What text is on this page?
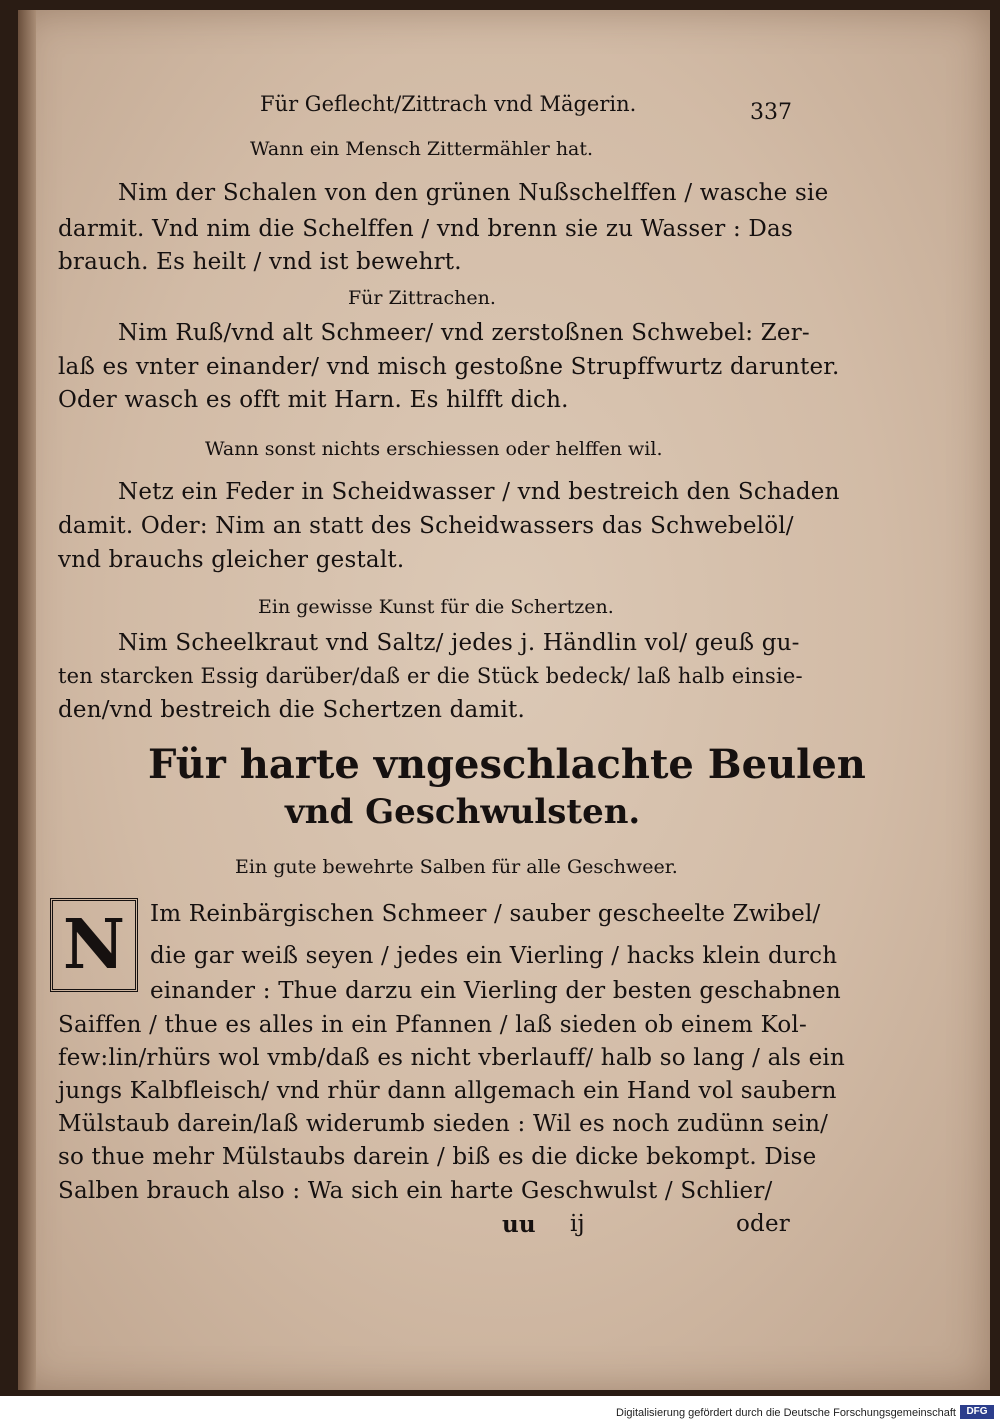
Für Geflecht/Zittrach vnd Mägerin.	337
Wann ein Mensch Zittermähler hat.
Nim der Schalen von den grünen Nußschelffen / wasche sie
darmit. Vnd nim die Schelffen / vnd brenn sie zu Wasser : Das
brauch. Es heilt / vnd ist bewehrt.
Für Zittrachen.
Nim Ruß/vnd alt Schmeer/ vnd zerstoßnen Schwebel: Zer-
laß es vnter einander/ vnd misch gestoßne Strupffwurtz darunter.
Oder wasch es offt mit Harn. Es hilfft dich.
Wann sonst nichts erschiessen oder helffen wil.
Netz ein Feder in Scheidwasser / vnd bestreich den Schaden
damit. Oder: Nim an statt des Scheidwassers das Schwebelöl/
vnd brauchs gleicher gestalt.
Ein gewisse Kunst für die Schertzen.
Nim Scheelkraut vnd Saltz/ jedes j. Händlin vol/ geuß gu-
ten starcken Essig darüber/daß er die Stück bedeck/ laß halb einsie-
den/vnd bestreich die Schertzen damit.
Für harte vngeschlachte Beulen
vnd Geschwulsten.
Ein gute bewehrte Salben für alle Geschweer.
Im Reinbärgischen Schmeer / sauber gescheelte Zwibel/
die gar weiß seyen / jedes ein Vierling / hacks klein durch
einander : Thue darzu ein Vierling der besten geschabnen
Saiffen / thue es alles in ein Pfannen / laß sieden ob einem Kol-
few:lin/rhürs wol vmb/daß es nicht vberlauff/ halb so lang / als ein
jungs Kalbfleisch/ vnd rhür dann allgemach ein Hand vol saubern
Mülstaub darein/laß widerumb sieden : Wil es noch zudünn sein/
so thue mehr Mülstaubs darein / biß es die dicke bekompt. Dise
Salben brauch also : Wa sich ein harte Geschwulst / Schlier/
uu ij	oder
N
Digitalisierung gefördert durch die Deutsche Forschungsgemeinschaft	DFG
